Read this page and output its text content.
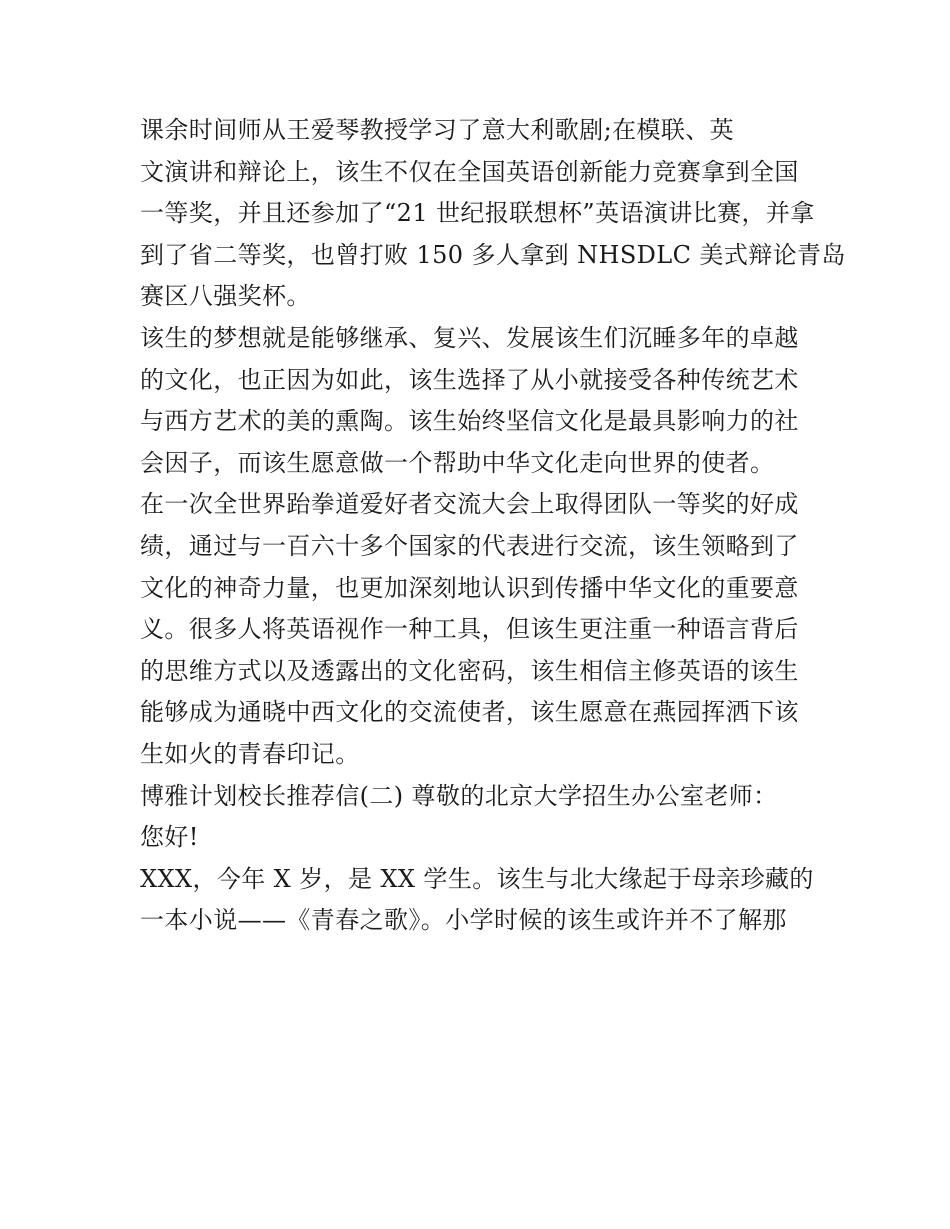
课余时间师从王爱琴教授学习了意大利歌剧;在模联、英
文演讲和辩论上，该生不仅在全国英语创新能力竞赛拿到全国
一等奖，并且还参加了“21 世纪报联想杯”英语演讲比赛，并拿
到了省二等奖，也曾打败 150 多人拿到 NHSDLC 美式辩论青岛
赛区八强奖杯。
该生的梦想就是能够继承、复兴、发展该生们沉睡多年的卓越
的文化，也正因为如此，该生选择了从小就接受各种传统艺术
与西方艺术的美的熏陶。该生始终坚信文化是最具影响力的社
会因子，而该生愿意做一个帮助中华文化走向世界的使者。
在一次全世界跆拳道爱好者交流大会上取得团队一等奖的好成
绩，通过与一百六十多个国家的代表进行交流，该生领略到了
文化的神奇力量，也更加深刻地认识到传播中华文化的重要意
义。很多人将英语视作一种工具，但该生更注重一种语言背后
的思维方式以及透露出的文化密码，该生相信主修英语的该生
能够成为通晓中西文化的交流使者，该生愿意在燕园挥洒下该
生如火的青春印记。
博雅计划校长推荐信(二) 尊敬的北京大学招生办公室老师：
您好!
XXX，今年 X 岁，是 XX 学生。该生与北大缘起于母亲珍藏的
一本小说——《青春之歌》。小学时候的该生或许并不了解那
